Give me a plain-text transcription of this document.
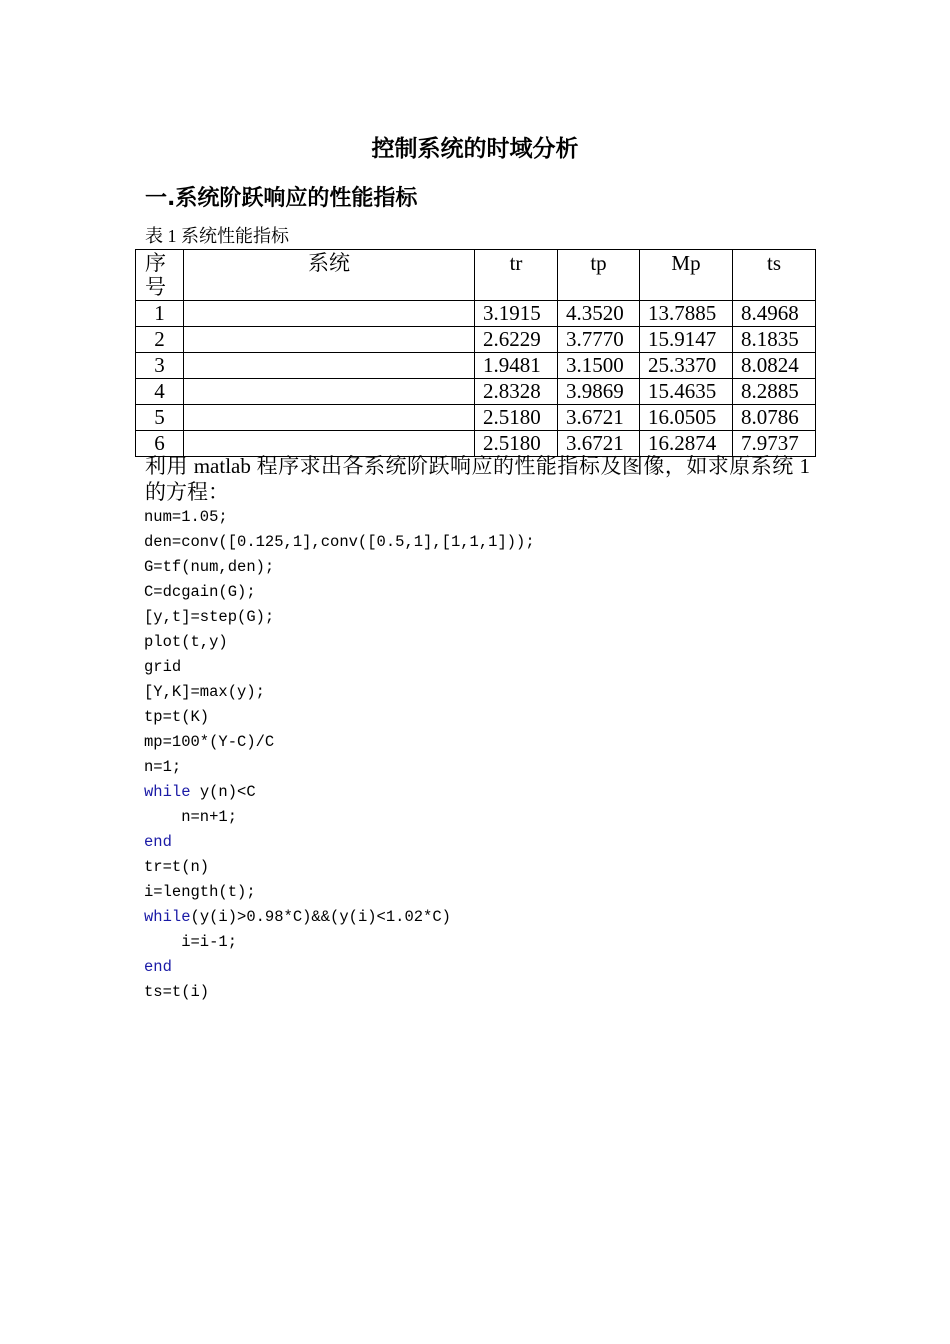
控制系统的时域分析
一.系统阶跃响应的性能指标
表 1 系统性能指标
序号	系统	tr	tp	Mp	ts
1		3.1915	4.3520	13.7885	8.4968
2		2.6229	3.7770	15.9147	8.1835
3		1.9481	3.1500	25.3370	8.0824
4		2.8328	3.9869	15.4635	8.2885
5		2.5180	3.6721	16.0505	8.0786
6		2.5180	3.6721	16.2874	7.9737
利用 matlab 程序求出各系统阶跃响应的性能指标及图像，如求原系统 1 的方程：
num=1.05;
den=conv([0.125,1],conv([0.5,1],[1,1,1]));
G=tf(num,den);
C=dcgain(G);
[y,t]=step(G);
plot(t,y)
grid
[Y,K]=max(y);
tp=t(K)
mp=100*(Y-C)/C
n=1;
while y(n)<C
n=n+1;
end
tr=t(n)
i=length(t);
while(y(i)>0.98*C)&&(y(i)<1.02*C)
i=i-1;
end
ts=t(i)
